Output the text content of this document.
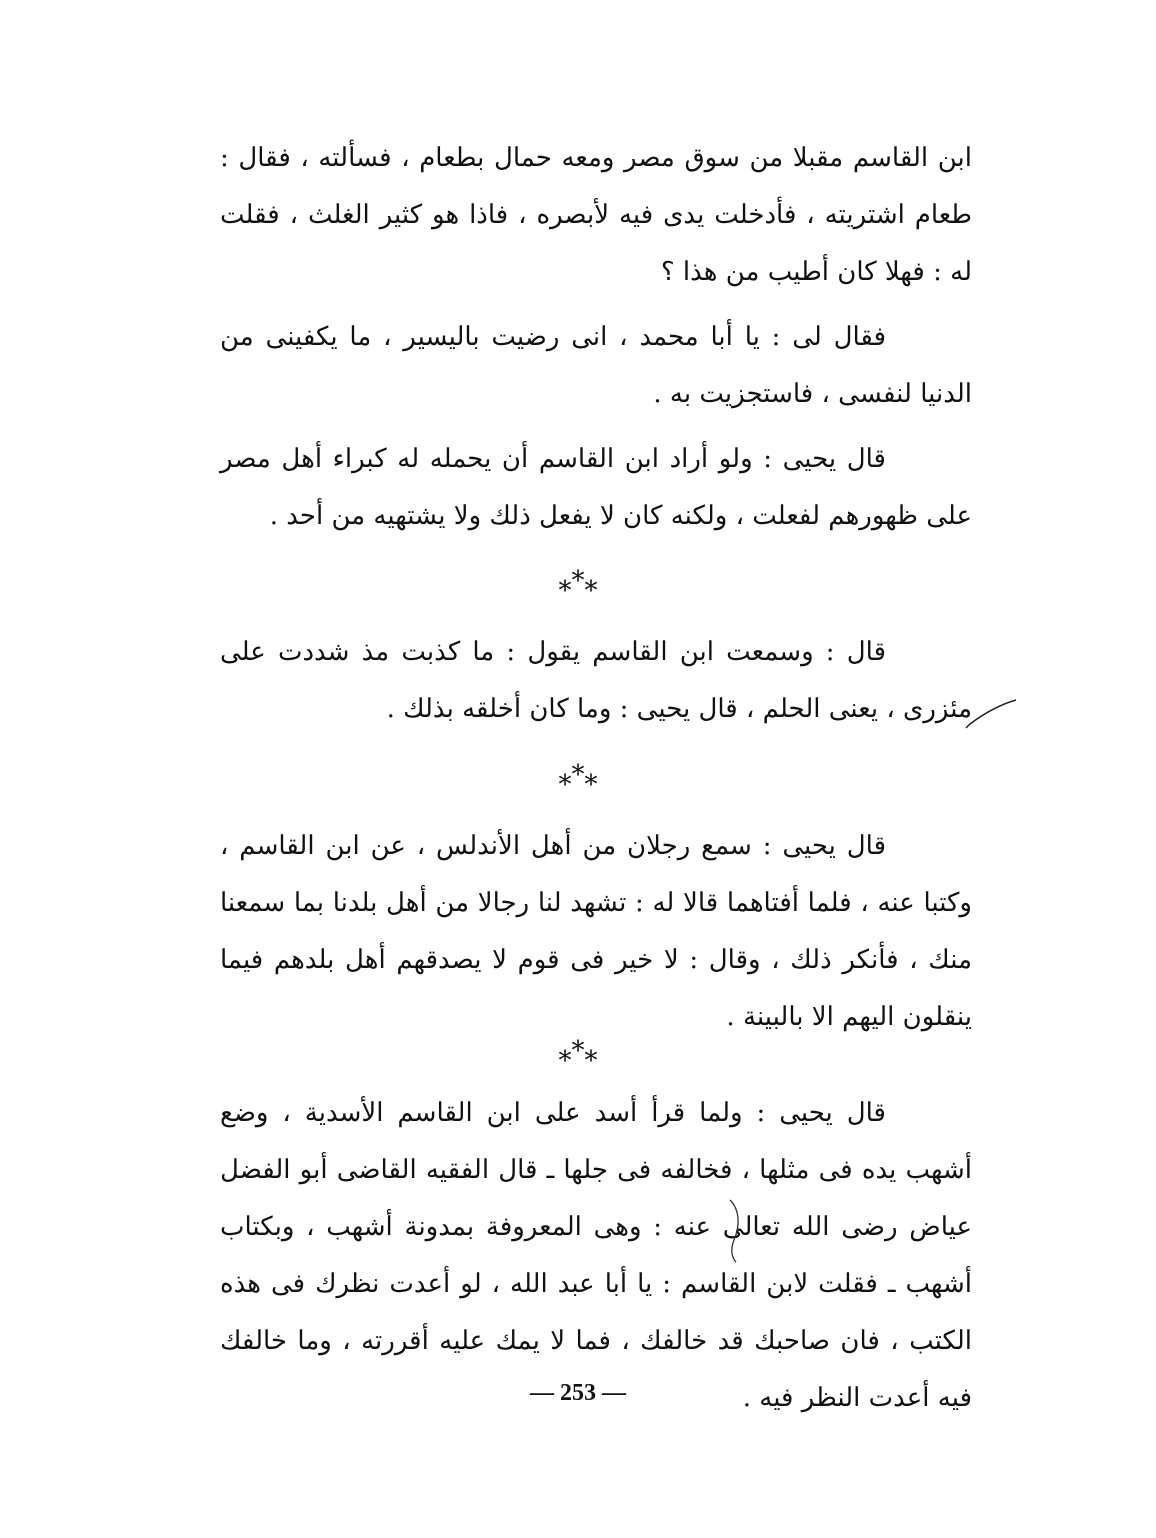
ابن القاسم مقبلا من سوق مصر ومعه حمال بطعام ، فسألته ، فقال : طعام اشتريته ، فأدخلت يدى فيه لأبصره ، فاذا هو كثير الغلث ، فقلت له : فهلا كان أطيب من هذا ؟

فقال لى : يا أبا محمد ، انى رضيت باليسير ، ما يكفينى من الدنيا لنفسى ، فاستجزيت به .

قال يحيى : ولو أراد ابن القاسم أن يحمله له كبراء أهل مصر على ظهورهم لفعلت ، ولكنه كان لا يفعل ذلك ولا يشتهيه من أحد .

***

قال : وسمعت ابن القاسم يقول : ما كذبت مذ شددت على مئزرى ، يعنى الحلم ، قال يحيى : وما كان أخلقه بذلك .

***

قال يحيى : سمع رجلان من أهل الأندلس ، عن ابن القاسم ، وكتبا عنه ، فلما أفتاهما قالا له : تشهد لنا رجالا من أهل بلدنا بما سمعنا منك ، فأنكر ذلك ، وقال : لا خير فى قوم لا يصدقهم أهل بلدهم فيما ينقلون اليهم الا بالبينة .

***

قال يحيى : ولما قرأ أسد على ابن القاسم الأسدية ، وضع أشهب يده فى مثلها ، فخالفه فى جلها ـ قال الفقيه القاضى أبو الفضل عياض رضى الله تعالى عنه : وهى المعروفة بمدونة أشهب ، وبكتاب أشهب ـ فقلت لابن القاسم : يا أبا عبد الله ، لو أعدت نظرك فى هذه الكتب ، فان صاحبك قد خالفك ، فما لا يمك عليه أقررته ، وما خالفك فيه أعدت النظر فيه .

— 253 —
